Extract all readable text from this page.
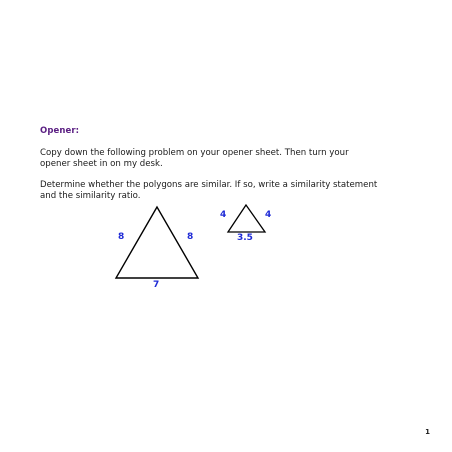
Opener:
Copy down the following problem on your opener sheet. Then turn your
opener sheet in on my desk.
Determine whether the polygons are similar. If so, write a similarity statement
and the similarity ratio.
8	8
7
4	4
3.5
1
